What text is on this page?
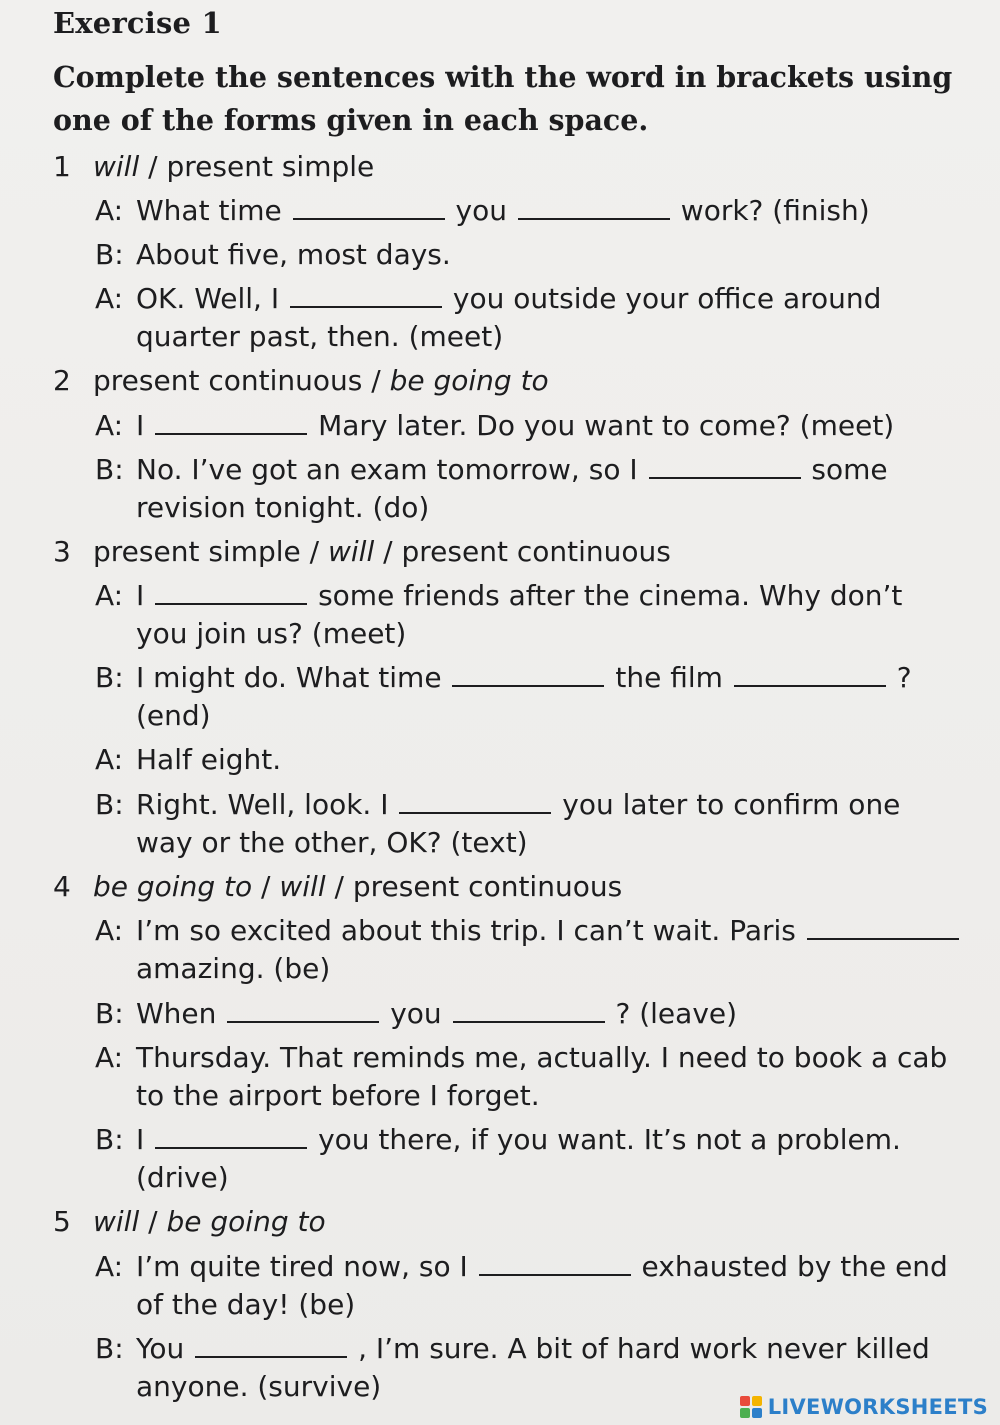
Exercise 1

Complete the sentences with the word in brackets using one of the forms given in each space.

1 will / present simple
A: What time	you	work? (finish)
B: About five, most days.
A: OK. Well, I	you outside your office around
quarter past, then. (meet)
2 present continuous / be going to
A: I	Mary later. Do you want to come? (meet)
B: No. I’ve got an exam tomorrow, so I	some
revision tonight. (do)
3 present simple / will / present continuous
A: I	some friends after the cinema. Why don’t
you join us? (meet)
B: I might do. What time	the film	?
(end)
A: Half eight.
B: Right. Well, look. I	you later to confirm one
way or the other, OK? (text)
4 be going to / will / present continuous
A: I’m so excited about this trip. I can’t wait. Paris
amazing. (be)
B: When	you	? (leave)
A: Thursday. That reminds me, actually. I need to book a cab
to the airport before I forget.
B: I	you there, if you want. It’s not a problem.
(drive)
5 will / be going to
A: I’m quite tired now, so I	exhausted by the end
of the day! (be)
B: You	, I’m sure. A bit of hard work never killed
anyone. (survive)
LIVEWORKSHEETS
